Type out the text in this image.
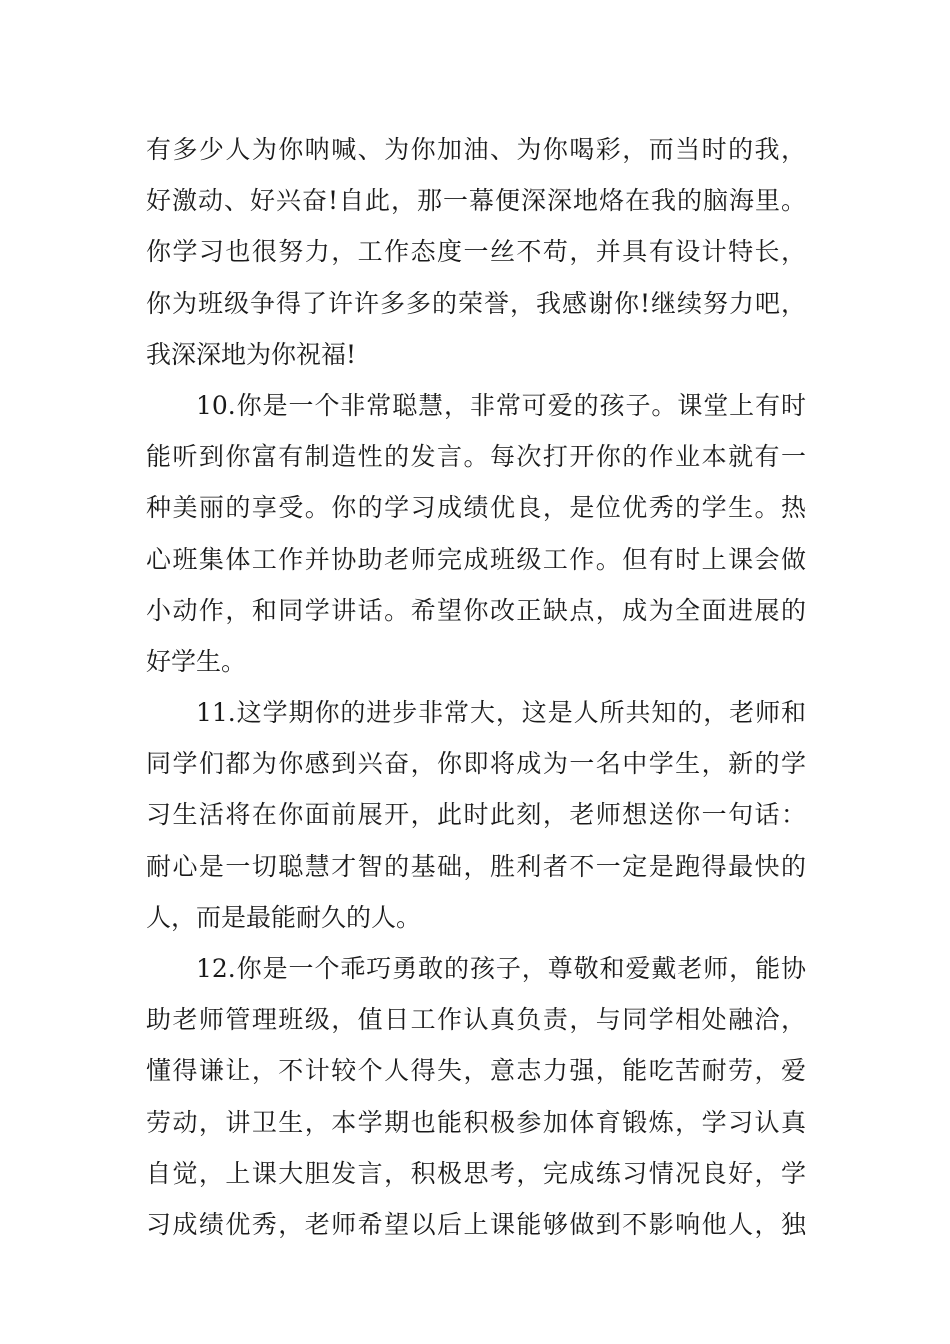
有多少人为你呐喊、为你加油、为你喝彩，而当时的我，
好激动、好兴奋!自此，那一幕便深深地烙在我的脑海里。
你学习也很努力，工作态度一丝不苟，并具有设计特长，
你为班级争得了许许多多的荣誉，我感谢你!继续努力吧，
我深深地为你祝福!
10.你是一个非常聪慧，非常可爱的孩子。课堂上有时
能听到你富有制造性的发言。每次打开你的作业本就有一
种美丽的享受。你的学习成绩优良，是位优秀的学生。热
心班集体工作并协助老师完成班级工作。但有时上课会做
小动作，和同学讲话。希望你改正缺点，成为全面进展的
好学生。
11.这学期你的进步非常大，这是人所共知的，老师和
同学们都为你感到兴奋，你即将成为一名中学生，新的学
习生活将在你面前展开，此时此刻，老师想送你一句话：
耐心是一切聪慧才智的基础，胜利者不一定是跑得最快的
人，而是最能耐久的人。
12.你是一个乖巧勇敢的孩子，尊敬和爱戴老师，能协
助老师管理班级，值日工作认真负责，与同学相处融洽，
懂得谦让，不计较个人得失，意志力强，能吃苦耐劳，爱
劳动，讲卫生，本学期也能积极参加体育锻炼，学习认真
自觉，上课大胆发言，积极思考，完成练习情况良好，学
习成绩优秀，老师希望以后上课能够做到不影响他人，独
